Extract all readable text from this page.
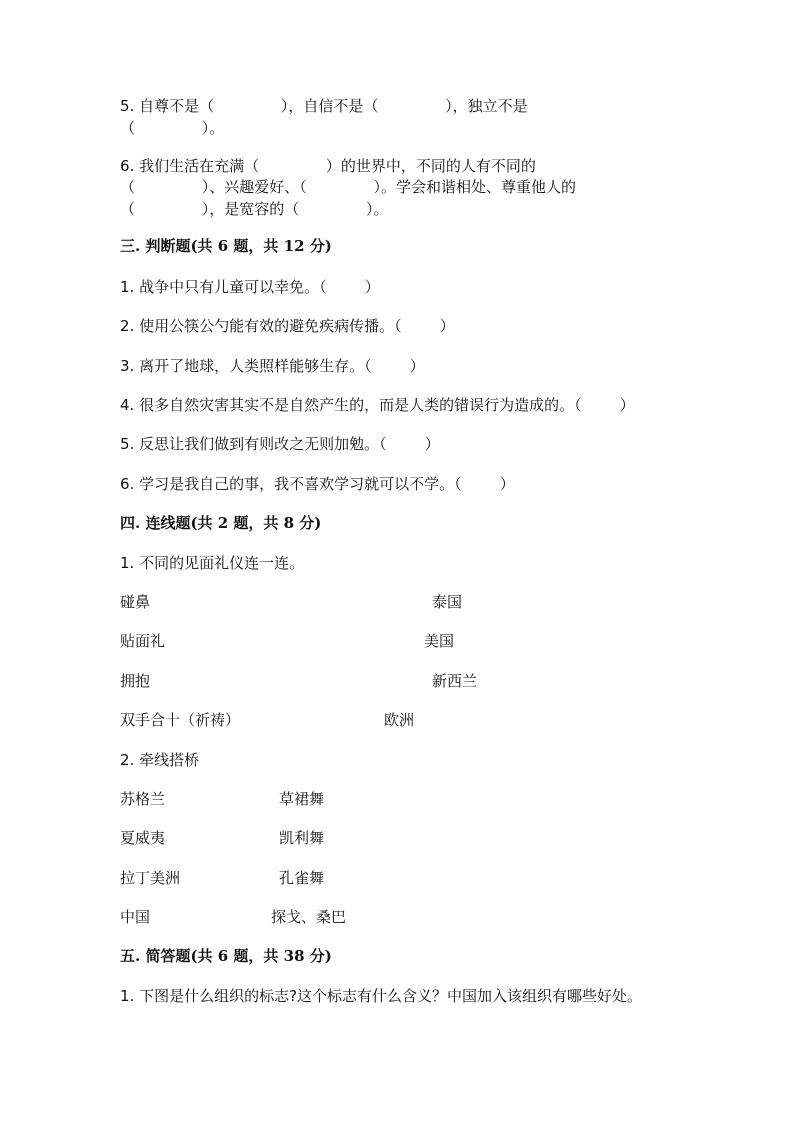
5. 自尊不是（              ），自信不是（              ），独立不是
（              ）。
6. 我们生活在充满（              ）的世界中，不同的人有不同的
（              ）、兴趣爱好、（              ）。学会和谐相处、尊重他人的
（              ），是宽容的（              ）。
三. 判断题(共 6 题，共 12 分)
1. 战争中只有儿童可以幸免。（        ）
2. 使用公筷公勺能有效的避免疾病传播。（        ）
3. 离开了地球，人类照样能够生存。（        ）
4. 很多自然灾害其实不是自然产生的，而是人类的错误行为造成的。（        ）
5. 反思让我们做到有则改之无则加勉。（        ）
6. 学习是我自己的事，我不喜欢学习就可以不学。（        ）
四. 连线题(共 2 题，共 8 分)
1. 不同的见面礼仪连一连。
碰鼻	泰国
贴面礼	美国
拥抱	新西兰
双手合十（祈祷）	欧洲
2. 牵线搭桥
苏格兰	草裙舞
夏威夷	凯利舞
拉丁美洲	孔雀舞
中国	探戈、桑巴
五. 简答题(共 6 题，共 38 分)
1. 下图是什么组织的标志?这个标志有什么含义？中国加入该组织有哪些好处。
